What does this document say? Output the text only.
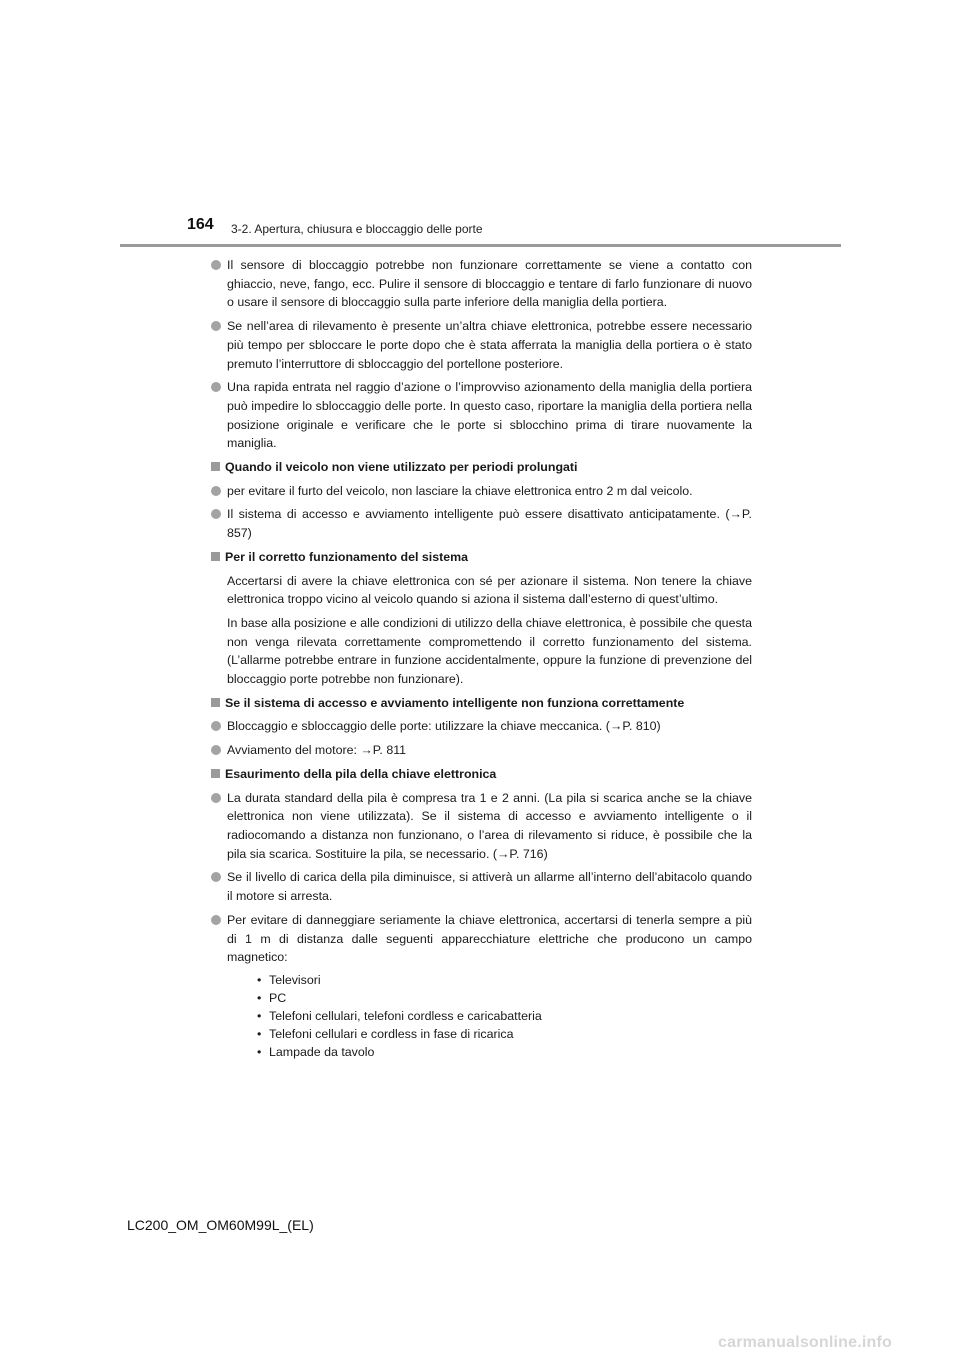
164 3-2. Apertura, chiusura e bloccaggio delle porte
Il sensore di bloccaggio potrebbe non funzionare correttamente se viene a contatto con ghiaccio, neve, fango, ecc. Pulire il sensore di bloccaggio e tentare di farlo funzionare di nuovo o usare il sensore di bloccaggio sulla parte inferiore della maniglia della portiera.
Se nell’area di rilevamento è presente un’altra chiave elettronica, potrebbe essere necessario più tempo per sbloccare le porte dopo che è stata afferrata la maniglia della portiera o è stato premuto l’interruttore di sbloccaggio del portellone posteriore.
Una rapida entrata nel raggio d’azione o l’improvviso azionamento della maniglia della portiera può impedire lo sbloccaggio delle porte. In questo caso, riportare la maniglia della portiera nella posizione originale e verificare che le porte si sblocchino prima di tirare nuovamente la maniglia.
Quando il veicolo non viene utilizzato per periodi prolungati
per evitare il furto del veicolo, non lasciare la chiave elettronica entro 2 m dal veicolo.
Il sistema di accesso e avviamento intelligente può essere disattivato anticipatamente. (→P. 857)
Per il corretto funzionamento del sistema
Accertarsi di avere la chiave elettronica con sé per azionare il sistema. Non tenere la chiave elettronica troppo vicino al veicolo quando si aziona il sistema dall’esterno di quest’ultimo.
In base alla posizione e alle condizioni di utilizzo della chiave elettronica, è possibile che questa non venga rilevata correttamente compromettendo il corretto funzionamento del sistema. (L’allarme potrebbe entrare in funzione accidentalmente, oppure la funzione di prevenzione del bloccaggio porte potrebbe non funzionare).
Se il sistema di accesso e avviamento intelligente non funziona correttamente
Bloccaggio e sbloccaggio delle porte: utilizzare la chiave meccanica. (→P. 810)
Avviamento del motore: →P. 811
Esaurimento della pila della chiave elettronica
La durata standard della pila è compresa tra 1 e 2 anni. (La pila si scarica anche se la chiave elettronica non viene utilizzata). Se il sistema di accesso e avviamento intelligente o il radiocomando a distanza non funzionano, o l’area di rilevamento si riduce, è possibile che la pila sia scarica. Sostituire la pila, se necessario. (→P. 716)
Se il livello di carica della pila diminuisce, si attiverà un allarme all’interno dell’abitacolo quando il motore si arresta.
Per evitare di danneggiare seriamente la chiave elettronica, accertarsi di tenerla sempre a più di 1 m di distanza dalle seguenti apparecchiature elettriche che producono un campo magnetico:
• Televisori
• PC
• Telefoni cellulari, telefoni cordless e caricabatteria
• Telefoni cellulari e cordless in fase di ricarica
• Lampade da tavolo
LC200_OM_OM60M99L_(EL)
carmanualsonline.info
